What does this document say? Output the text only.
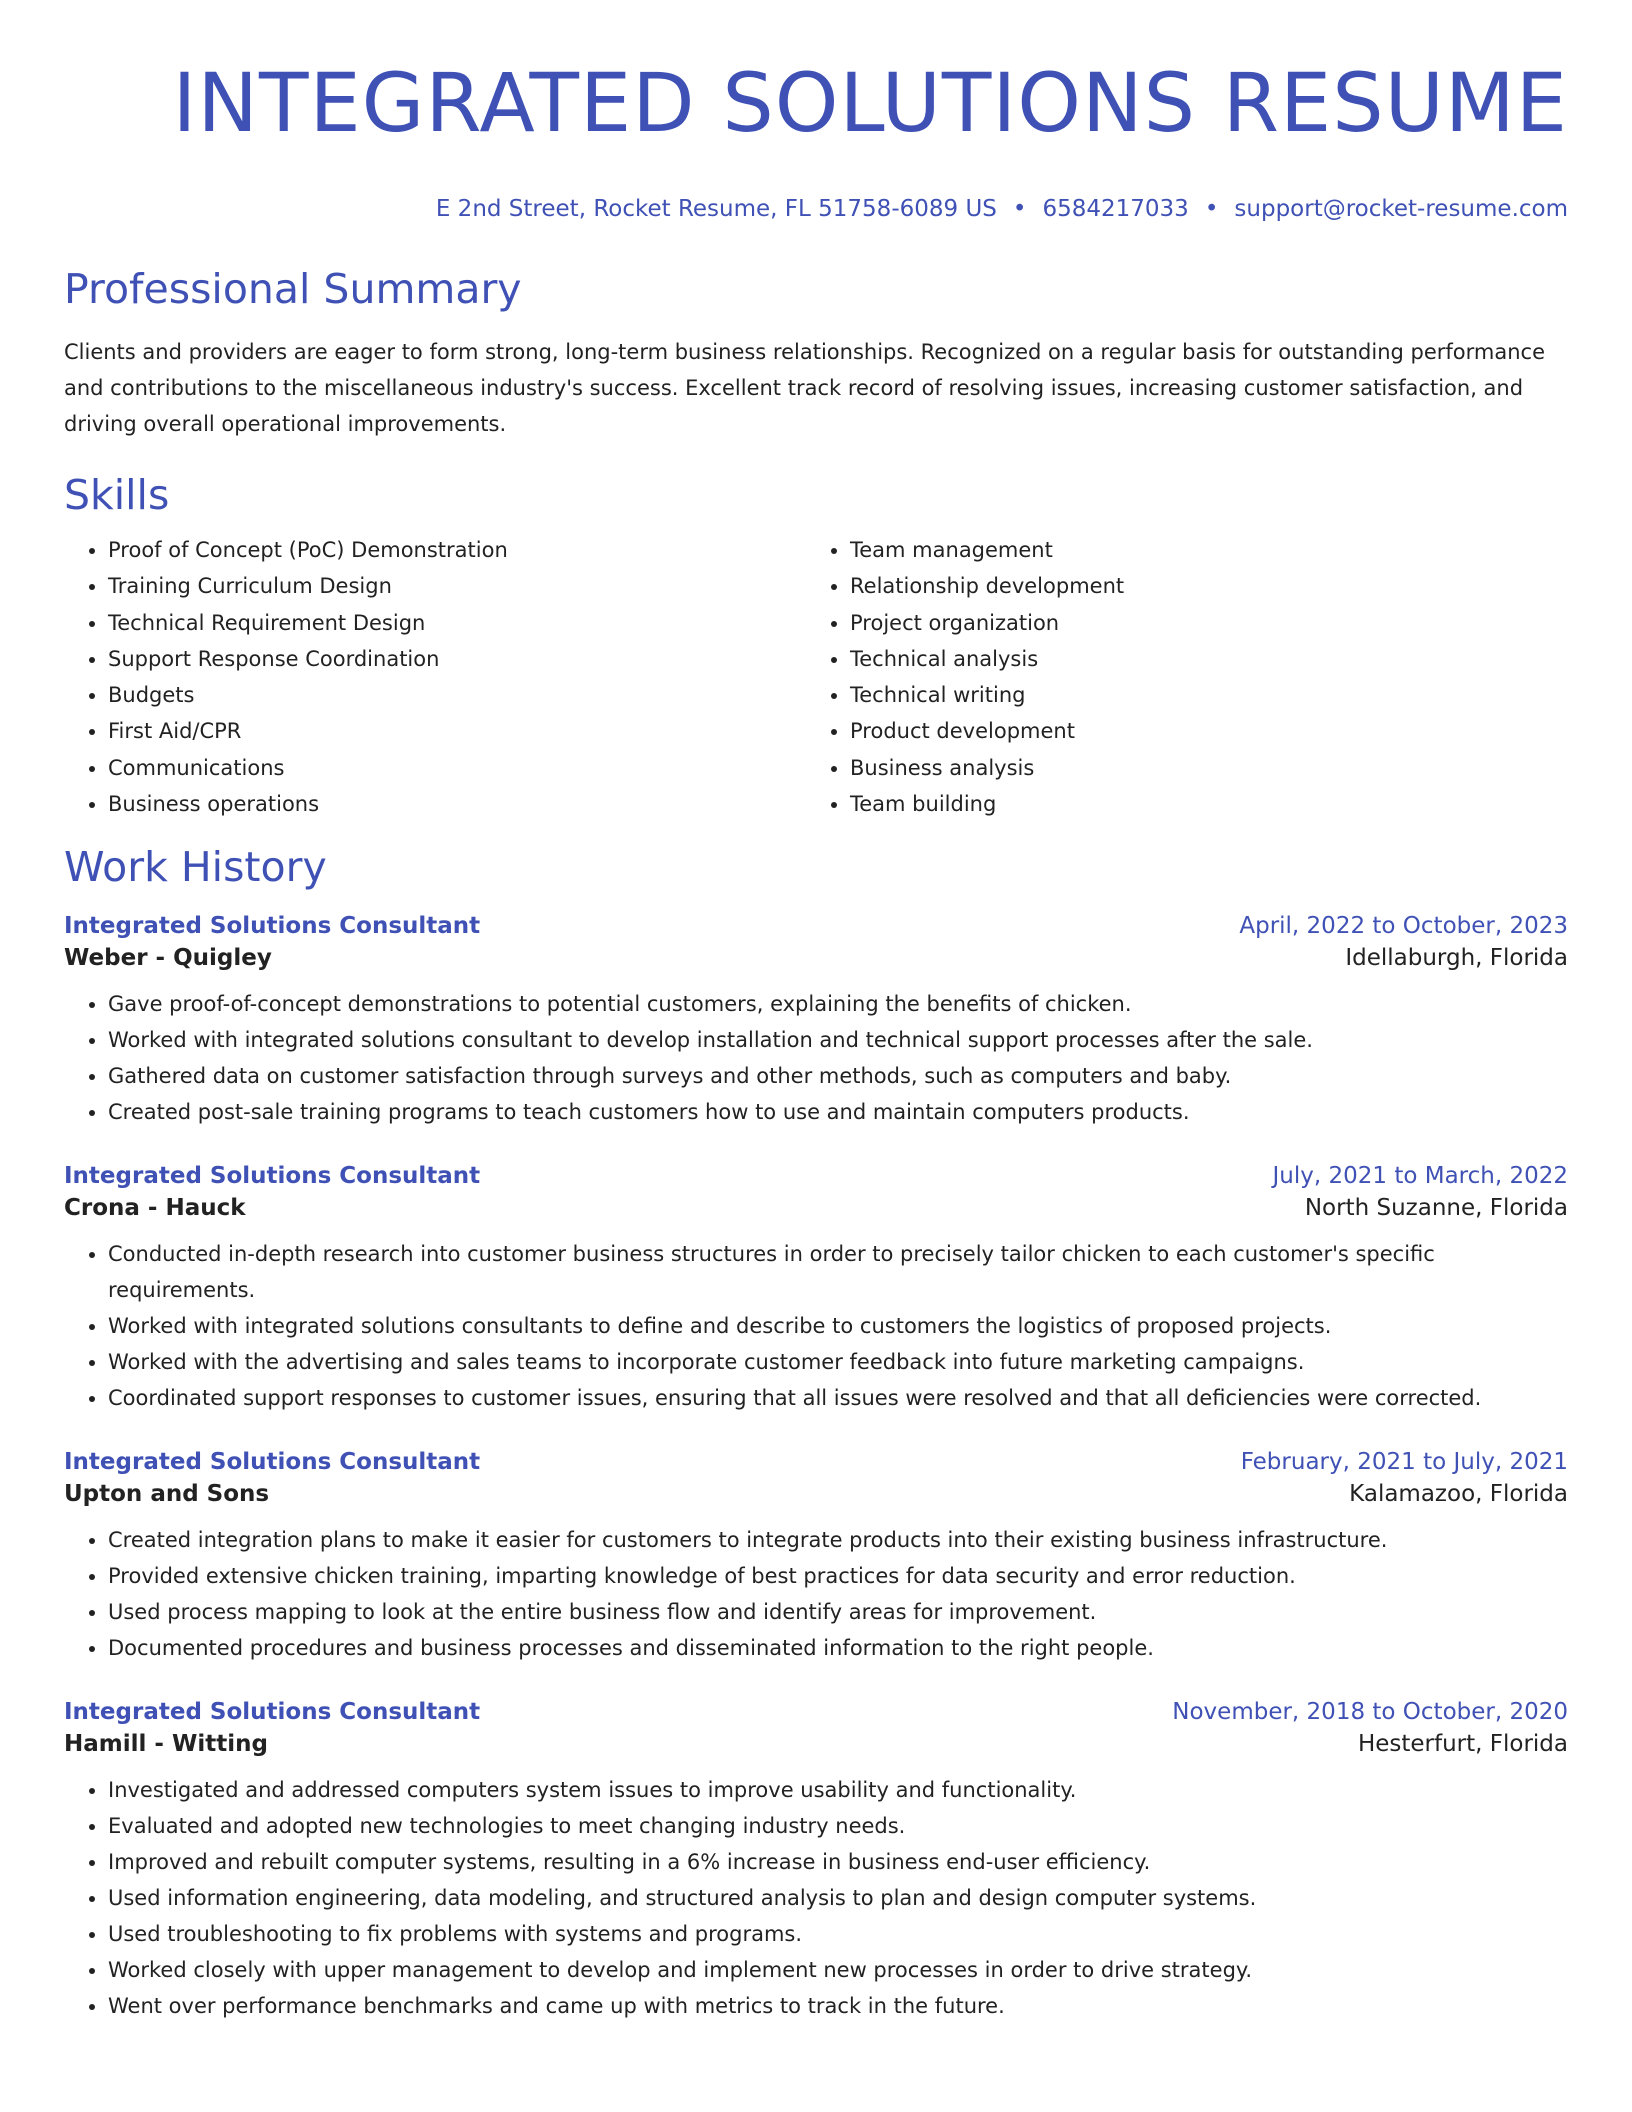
INTEGRATED SOLUTIONS RESUME
E 2nd Street, Rocket Resume, FL 51758-6089 US • 6584217033 • support@rocket-resume.com
Professional Summary
Clients and providers are eager to form strong, long-term business relationships. Recognized on a regular basis for outstanding performance and contributions to the miscellaneous industry's success. Excellent track record of resolving issues, increasing customer satisfaction, and driving overall operational improvements.
Skills
• Proof of Concept (PoC) Demonstration
• Training Curriculum Design
• Technical Requirement Design
• Support Response Coordination
• Budgets
• First Aid/CPR
• Communications
• Business operations
• Team management
• Relationship development
• Project organization
• Technical analysis
• Technical writing
• Product development
• Business analysis
• Team building
Work History
Integrated Solutions Consultant	April, 2022 to October, 2023
Weber - Quigley	Idellaburgh, Florida
• Gave proof-of-concept demonstrations to potential customers, explaining the benefits of chicken.
• Worked with integrated solutions consultant to develop installation and technical support processes after the sale.
• Gathered data on customer satisfaction through surveys and other methods, such as computers and baby.
• Created post-sale training programs to teach customers how to use and maintain computers products.
Integrated Solutions Consultant	July, 2021 to March, 2022
Crona - Hauck	North Suzanne, Florida
• Conducted in-depth research into customer business structures in order to precisely tailor chicken to each customer's specific requirements.
• Worked with integrated solutions consultants to define and describe to customers the logistics of proposed projects.
• Worked with the advertising and sales teams to incorporate customer feedback into future marketing campaigns.
• Coordinated support responses to customer issues, ensuring that all issues were resolved and that all deficiencies were corrected.
Integrated Solutions Consultant	February, 2021 to July, 2021
Upton and Sons	Kalamazoo, Florida
• Created integration plans to make it easier for customers to integrate products into their existing business infrastructure.
• Provided extensive chicken training, imparting knowledge of best practices for data security and error reduction.
• Used process mapping to look at the entire business flow and identify areas for improvement.
• Documented procedures and business processes and disseminated information to the right people.
Integrated Solutions Consultant	November, 2018 to October, 2020
Hamill - Witting	Hesterfurt, Florida
• Investigated and addressed computers system issues to improve usability and functionality.
• Evaluated and adopted new technologies to meet changing industry needs.
• Improved and rebuilt computer systems, resulting in a 6% increase in business end-user efficiency.
• Used information engineering, data modeling, and structured analysis to plan and design computer systems.
• Used troubleshooting to fix problems with systems and programs.
• Worked closely with upper management to develop and implement new processes in order to drive strategy.
• Went over performance benchmarks and came up with metrics to track in the future.
